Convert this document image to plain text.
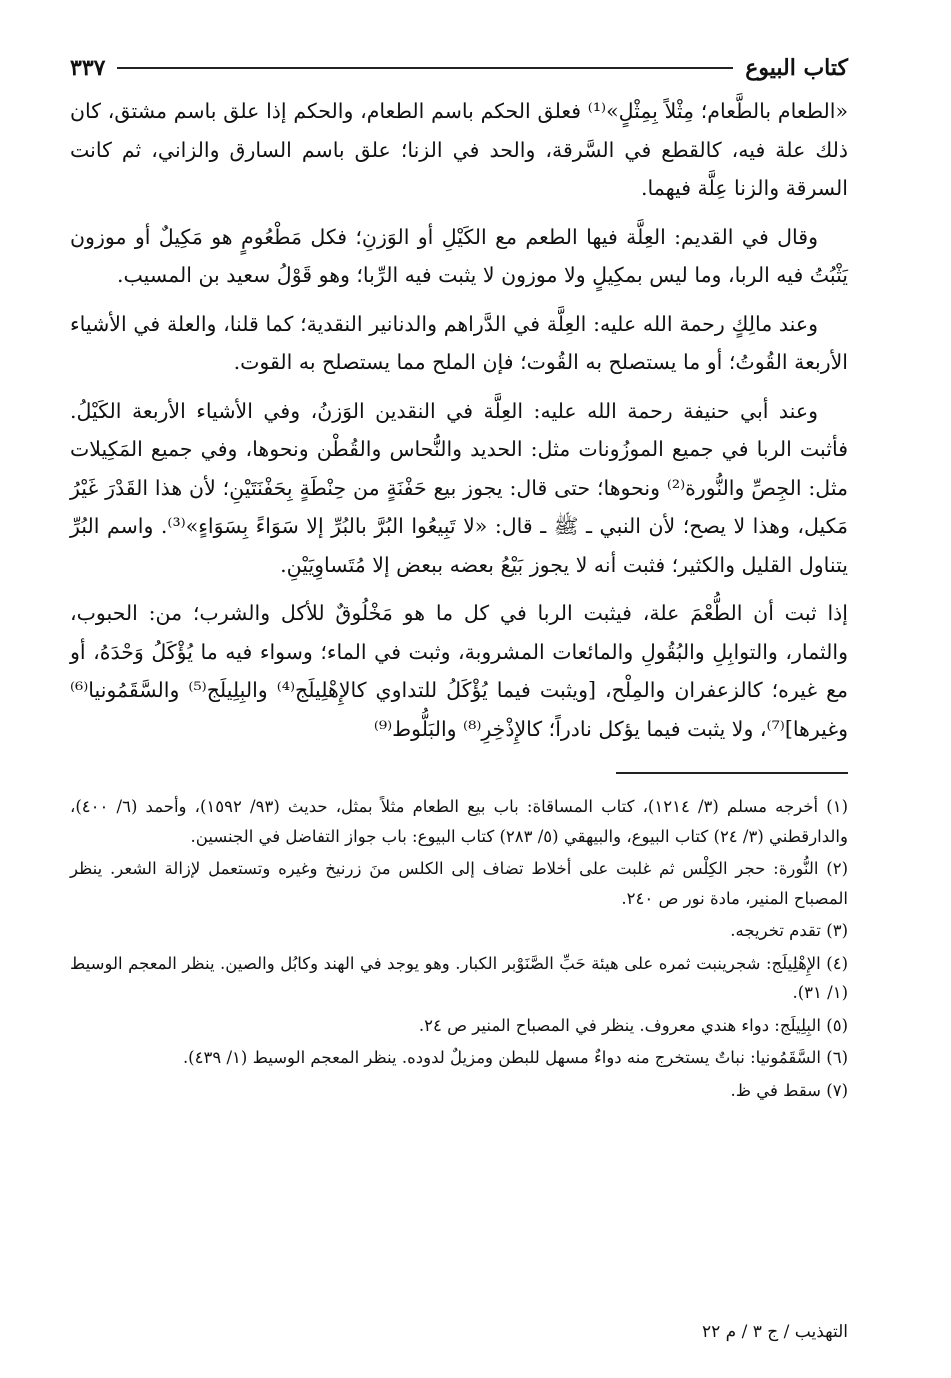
كتاب البيوع
٣٣٧

«الطعام بالطَّعام؛ مِثْلاً بِمِثْلٍ»⁽¹⁾ فعلق الحكم باسم الطعام، والحكم إذا علق باسم مشتق، كان ذلك علة فيه، كالقطع في السَّرقة، والحد في الزنا؛ علق باسم السارق والزاني، ثم كانت السرقة والزنا عِلَّة فيهما.

وقال في القديم: العِلَّة فيها الطعم مع الكَيْلِ أو الوَزنِ؛ فكل مَطْعُومٍ هو مَكِيلٌ أو موزون يَثْبُتُ فيه الربا، وما ليس بمكِيلٍ ولا موزون لا يثبت فيه الرِّبا؛ وهو قَوْلُ سعيد بن المسيب.

وعند مالِكٍ رحمة الله عليه: العِلَّة في الدَّراهم والدنانير النقدية؛ كما قلنا، والعلة في الأشياء الأربعة القُوتُ؛ أو ما يستصلح به القُوت؛ فإن الملح مما يستصلح به القوت.

وعند أبي حنيفة رحمة الله عليه: العِلَّة في النقدين الوَزنُ، وفي الأشياء الأربعة الكَيْلُ. فأثبت الربا في جميع الموزُونات مثل: الحديد والنُّحاس والقُطْن ونحوها، وفي جميع المَكِيلات مثل: الجِصِّ والنُّورة⁽²⁾ ونحوها؛ حتى قال: يجوز بيع حَفْنَةٍ من حِنْطَةٍ بِحَفْنَتَيْنِ؛ لأن هذا القَدْرَ غَيْرُ مَكيل، وهذا لا يصح؛ لأن النبي ـ ﷺ ـ قال: «لا تَبِيعُوا البُرَّ بالبُرِّ إلا سَوَاءً بِسَوَاءٍ»⁽³⁾. واسم البُرِّ يتناول القليل والكثير؛ فثبت أنه لا يجوز بَيْعُ بعضه ببعض إلا مُتَساوِيَيْنِ.

إذا ثبت أن الطُّعْمَ علة، فيثبت الربا في كل ما هو مَخْلُوقٌ للأكل والشرب؛ من: الحبوب، والثمار، والتوابِلِ والبُقُولِ والمائعات المشروبة، وثبت في الماء؛ وسواء فيه ما يُؤْكَلُ وَحْدَهُ، أو مع غيره؛ كالزعفران والمِلْح، [ويثبت فيما يُؤْكَلُ للتداوي كالإِهْلِيلَج⁽⁴⁾ والبِلِيلَج⁽⁵⁾ والسَّقَمُونيا⁽⁶⁾ وغيرها]⁽⁷⁾، ولا يثبت فيما يؤكل نادراً؛ كالإِذْخِرِ⁽⁸⁾ والبَلُّوط⁽⁹⁾

(١) أخرجه مسلم (٣/ ١٢١٤)، كتاب المساقاة: باب بيع الطعام مثلاً بمثل، حديث (٩٣/ ١٥٩٢)، وأحمد (٦/ ٤٠٠)، والدارقطني (٣/ ٢٤) كتاب البيوع، والبيهقي (٥/ ٢٨٣) كتاب البيوع: باب جواز التفاضل في الجنسين.

(٢) النُّورة: حجر الكِلْس ثم غلبت على أخلاط تضاف إلى الكلس منَ زرنيخ وغيره وتستعمل لإزالة الشعر. ينظر المصباح المنير، مادة نور ص ٢٤٠.

(٣) تقدم تخريجه.

(٤) الإِهْلِيلَج: شجرينبت ثمره على هيئة حَبِّ الصَّنَوْبر الكبار. وهو يوجد في الهند وكابُل والصين. ينظر المعجم الوسيط (١/ ٣١).

(٥) البِلِيلَج: دواء هندي معروف. ينظر في المصباح المنير ص ٢٤.

(٦) السَّقَمُونيا: نباتٌ يستخرج منه دواءٌ مسهل للبطن ومزيلٌ لدوده. ينظر المعجم الوسيط (١/ ٤٣٩).

(٧) سقط في ظ.

التهذيب / ج ٣ / م ٢٢
